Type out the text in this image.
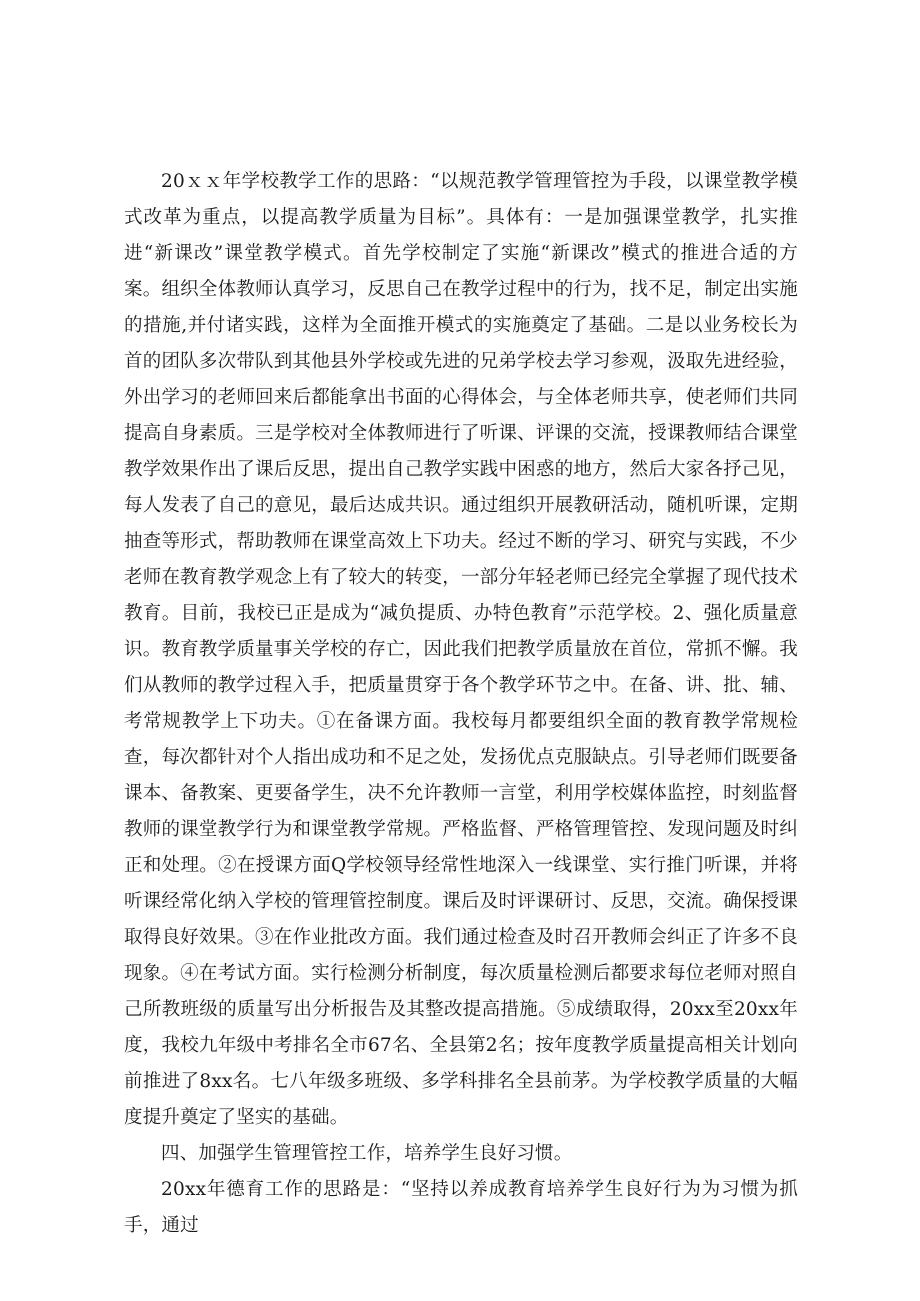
20ｘｘ年学校教学工作的思路：“以规范教学管理管控为手段，以课堂教学模式改革为重点，以提高教学质量为目标”。具体有：一是加强课堂教学，扎实推进“新课改”课堂教学模式。首先学校制定了实施“新课改”模式的推进合适的方案。组织全体教师认真学习，反思自己在教学过程中的行为，找不足，制定出实施的措施,并付诸实践，这样为全面推开模式的实施奠定了基础。二是以业务校长为首的团队多次带队到其他县外学校或先进的兄弟学校去学习参观，汲取先进经验，外出学习的老师回来后都能拿出书面的心得体会，与全体老师共享，使老师们共同提高自身素质。三是学校对全体教师进行了听课、评课的交流，授课教师结合课堂教学效果作出了课后反思，提出自己教学实践中困惑的地方，然后大家各抒己见，每人发表了自己的意见，最后达成共识。通过组织开展教研活动，随机听课，定期抽查等形式，帮助教师在课堂高效上下功夫。经过不断的学习、研究与实践，不少老师在教育教学观念上有了较大的转变，一部分年轻老师已经完全掌握了现代技术教育。目前，我校已正是成为“减负提质、办特色教育”示范学校。2、强化质量意识。教育教学质量事关学校的存亡，因此我们把教学质量放在首位，常抓不懈。我们从教师的教学过程入手，把质量贯穿于各个教学环节之中。在备、讲、批、辅、考常规教学上下功夫。①在备课方面。我校每月都要组织全面的教育教学常规检查，每次都针对个人指出成功和不足之处，发扬优点克服缺点。引导老师们既要备课本、备教案、更要备学生，决不允许教师一言堂，利用学校媒体监控，时刻监督教师的课堂教学行为和课堂教学常规。严格监督、严格管理管控、发现问题及时纠正和处理。②在授课方面Q学校领导经常性地深入一线课堂、实行推门听课，并将听课经常化纳入学校的管理管控制度。课后及时评课研讨、反思，交流。确保授课取得良好效果。③在作业批改方面。我们通过检查及时召开教师会纠正了许多不良现象。④在考试方面。实行检测分析制度，每次质量检测后都要求每位老师对照自己所教班级的质量写出分析报告及其整改提高措施。⑤成绩取得，20xx至20xx年度，我校九年级中考排名全市67名、全县第2名；按年度教学质量提高相关计划向前推进了8xx名。七八年级多班级、多学科排名全县前茅。为学校教学质量的大幅度提升奠定了坚实的基础。

四、加强学生管理管控工作，培养学生良好习惯。

20xx年德育工作的思路是：“坚持以养成教育培养学生良好行为为习惯为抓手，通过
